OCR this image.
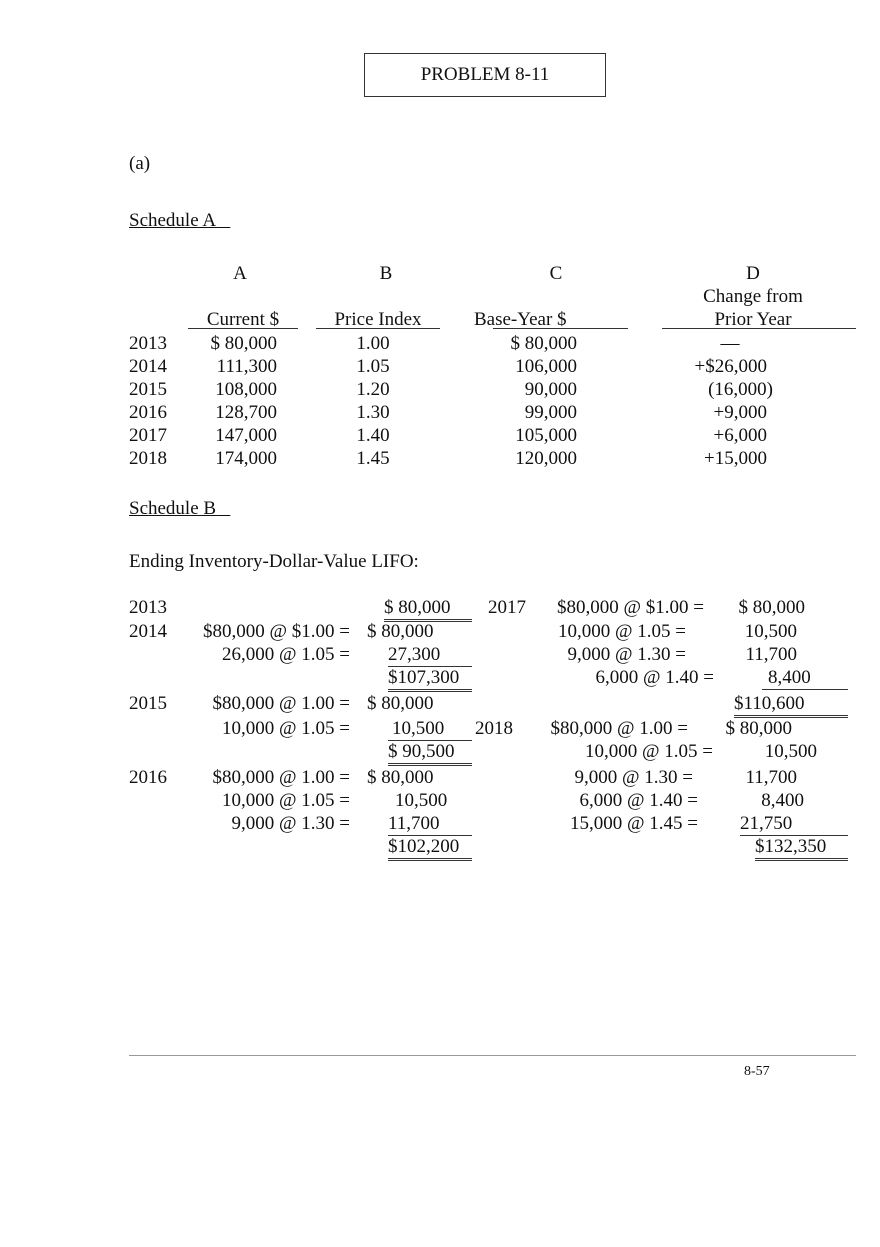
PROBLEM 8-11
(a)
Schedule A
A	B	C	D
Change from
Current $	Price Index	Base-Year $	Prior Year
2013	$ 80,000	1.00	$ 80,000	—
2014	111,300	1.05	106,000	+$26,000
2015	108,000	1.20	90,000	(16,000)
2016	128,700	1.30	99,000	+9,000
2017	147,000	1.40	105,000	+6,000
2018	174,000	1.45	120,000	+15,000
Schedule B
Ending Inventory-Dollar-Value LIFO:
2013	$ 80,000
2014	$80,000 @ $1.00 = $ 80,000
26,000 @ 1.05 = 27,300
$107,300
2015	$80,000 @ 1.00 = $ 80,000
10,000 @ 1.05 = 10,500
$ 90,500
2016	$80,000 @ 1.00 = $ 80,000
10,000 @ 1.05 = 10,500
9,000 @ 1.30 = 11,700
$102,200
2017	$80,000 @ $1.00 =	$ 80,000
10,000 @ 1.05 =	10,500
9,000 @ 1.30 =	11,700
6,000 @ 1.40 =	8,400
$110,600
2018	$80,000 @ 1.00 =	$ 80,000
10,000 @ 1.05 =	10,500
9,000 @ 1.30 =	11,700
6,000 @ 1.40 =	8,400
15,000 @ 1.45 = 21,750
$132,350
8-57
